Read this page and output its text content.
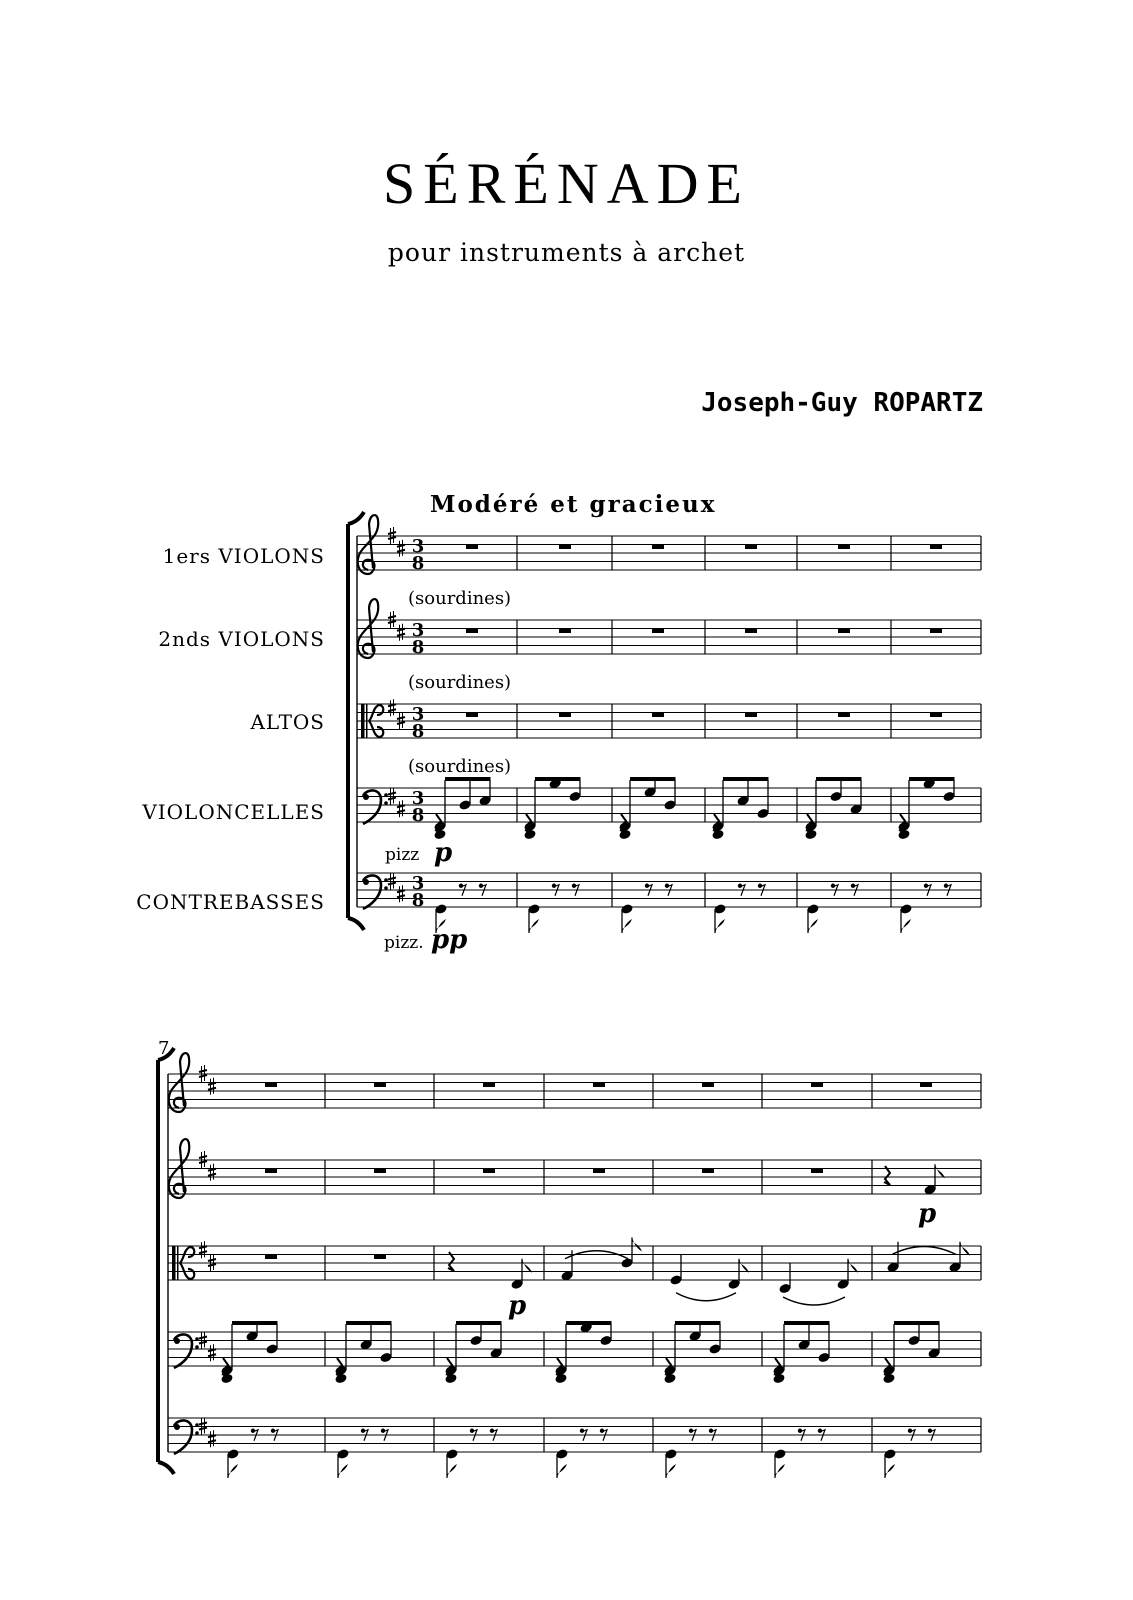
SÉRÉNADE
pour instruments à archet
Joseph-Guy ROPARTZ
Modéré et gracieux
1ers VIOLONS
2nds VIOLONS
ALTOS
VIOLONCELLES
CONTREBASSES
3
8
3
8
3
8
3
8
3
8
(sourdines)
(sourdines)
(sourdines)
pizz p
pizz. pp
7
p
p
